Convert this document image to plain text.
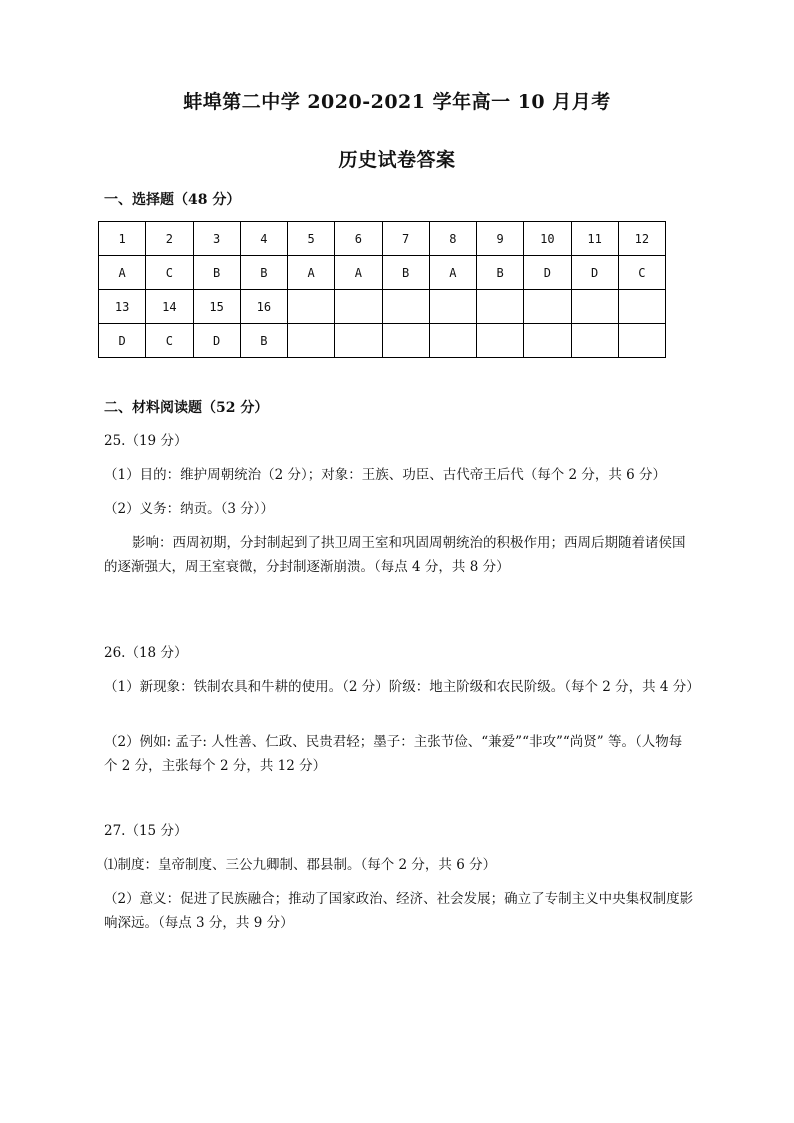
蚌埠第二中学 2020-2021 学年高一 10 月月考
历史试卷答案
一、选择题（48 分）
1	2	3	4	5	6	7	8	9	10	11	12
A	C	B	B	A	A	B	A	B	D	D	C
13	14	15	16								
D	C	D	B								
二、材料阅读题（52 分）
25.（19 分）
（1）目的：维护周朝统治（2 分）；对象：王族、功臣、古代帝王后代（每个 2 分，共 6 分）
（2）义务：纳贡。（3 分））
影响：西周初期，分封制起到了拱卫周王室和巩固周朝统治的积极作用；西周后期随着诸侯国的逐渐强大，周王室衰微，分封制逐渐崩溃。（每点 4 分，共 8 分）
26.（18 分）
（1）新现象：铁制农具和牛耕的使用。（2 分）阶级：地主阶级和农民阶级。（每个 2 分，共 4 分）
（2）例如: 孟子: 人性善、仁政、民贵君轻；墨子：主张节俭、“兼爱”“非攻”“尚贤” 等。（人物每个 2 分，主张每个 2 分，共 12 分）
27.（15 分）
⑴制度：皇帝制度、三公九卿制、郡县制。（每个 2 分，共 6 分）
（2）意义：促进了民族融合；推动了国家政治、经济、社会发展；确立了专制主义中央集权制度影响深远。（每点 3 分，共 9 分）
